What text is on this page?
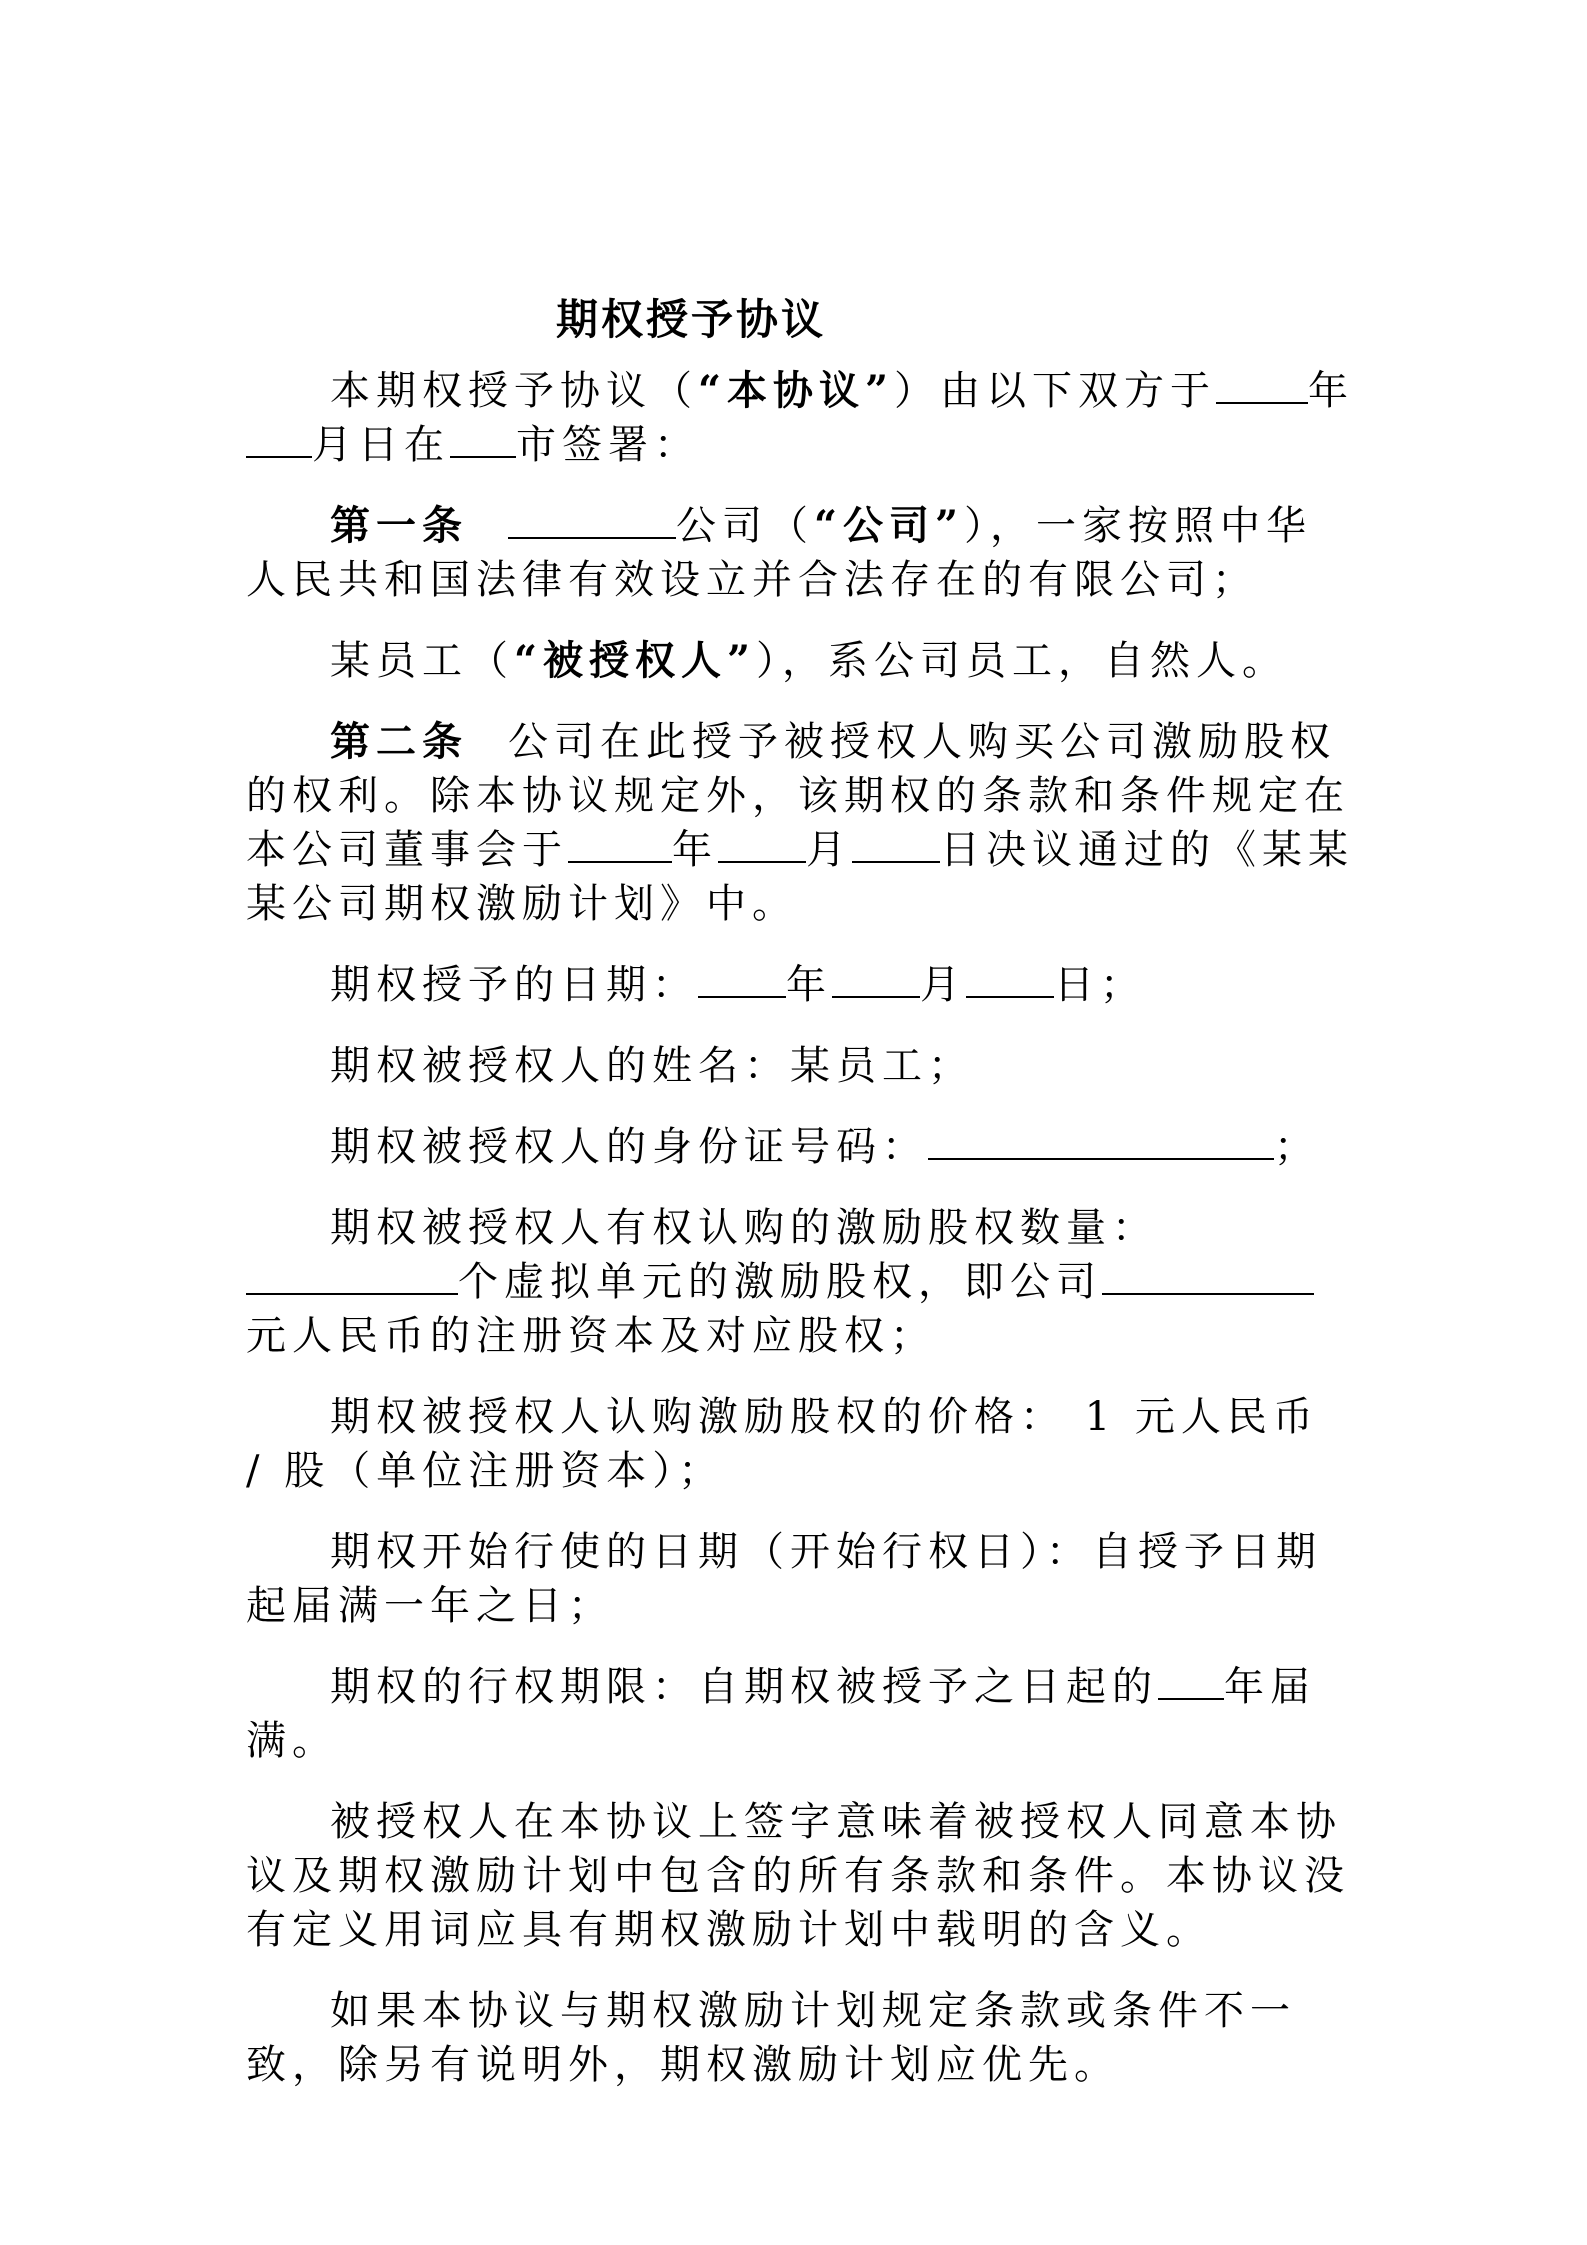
期权授予协议

本期权授予协议（“本协议”）由以下双方于 年月日在 市签署：

第一条	公司（“公司”），一家按照中华人民共和国法律有效设立并合法存在的有限公司；

某员工（“被授权人”），系公司员工，自然人。

第二条 公司在此授予被授权人购买公司激励股权的权利。除本协议规定外，该期权的条款和条件规定在本公司董事会于	年 月 日决议通过的《某某某公司期权激励计划》中。

期权授予的日期： 年 月 日；

期权被授权人的姓名：某员工；

期权被授权人的身份证号码：	；

期权被授权人有权认购的激励股权数量：个虚拟单元的激励股权，即公司元人民币的注册资本及对应股权；

期权被授权人认购激励股权的价格： 1 元人民币 / 股（单位注册资本）；

期权开始行使的日期（开始行权日）：自授予日期起届满一年之日；

期权的行权期限：自期权被授予之日起的 年届满。

被授权人在本协议上签字意味着被授权人同意本协议及期权激励计划中包含的所有条款和条件。本协议没有定义用词应具有期权激励计划中载明的含义。

如果本协议与期权激励计划规定条款或条件不一致，除另有说明外，期权激励计划应优先。
